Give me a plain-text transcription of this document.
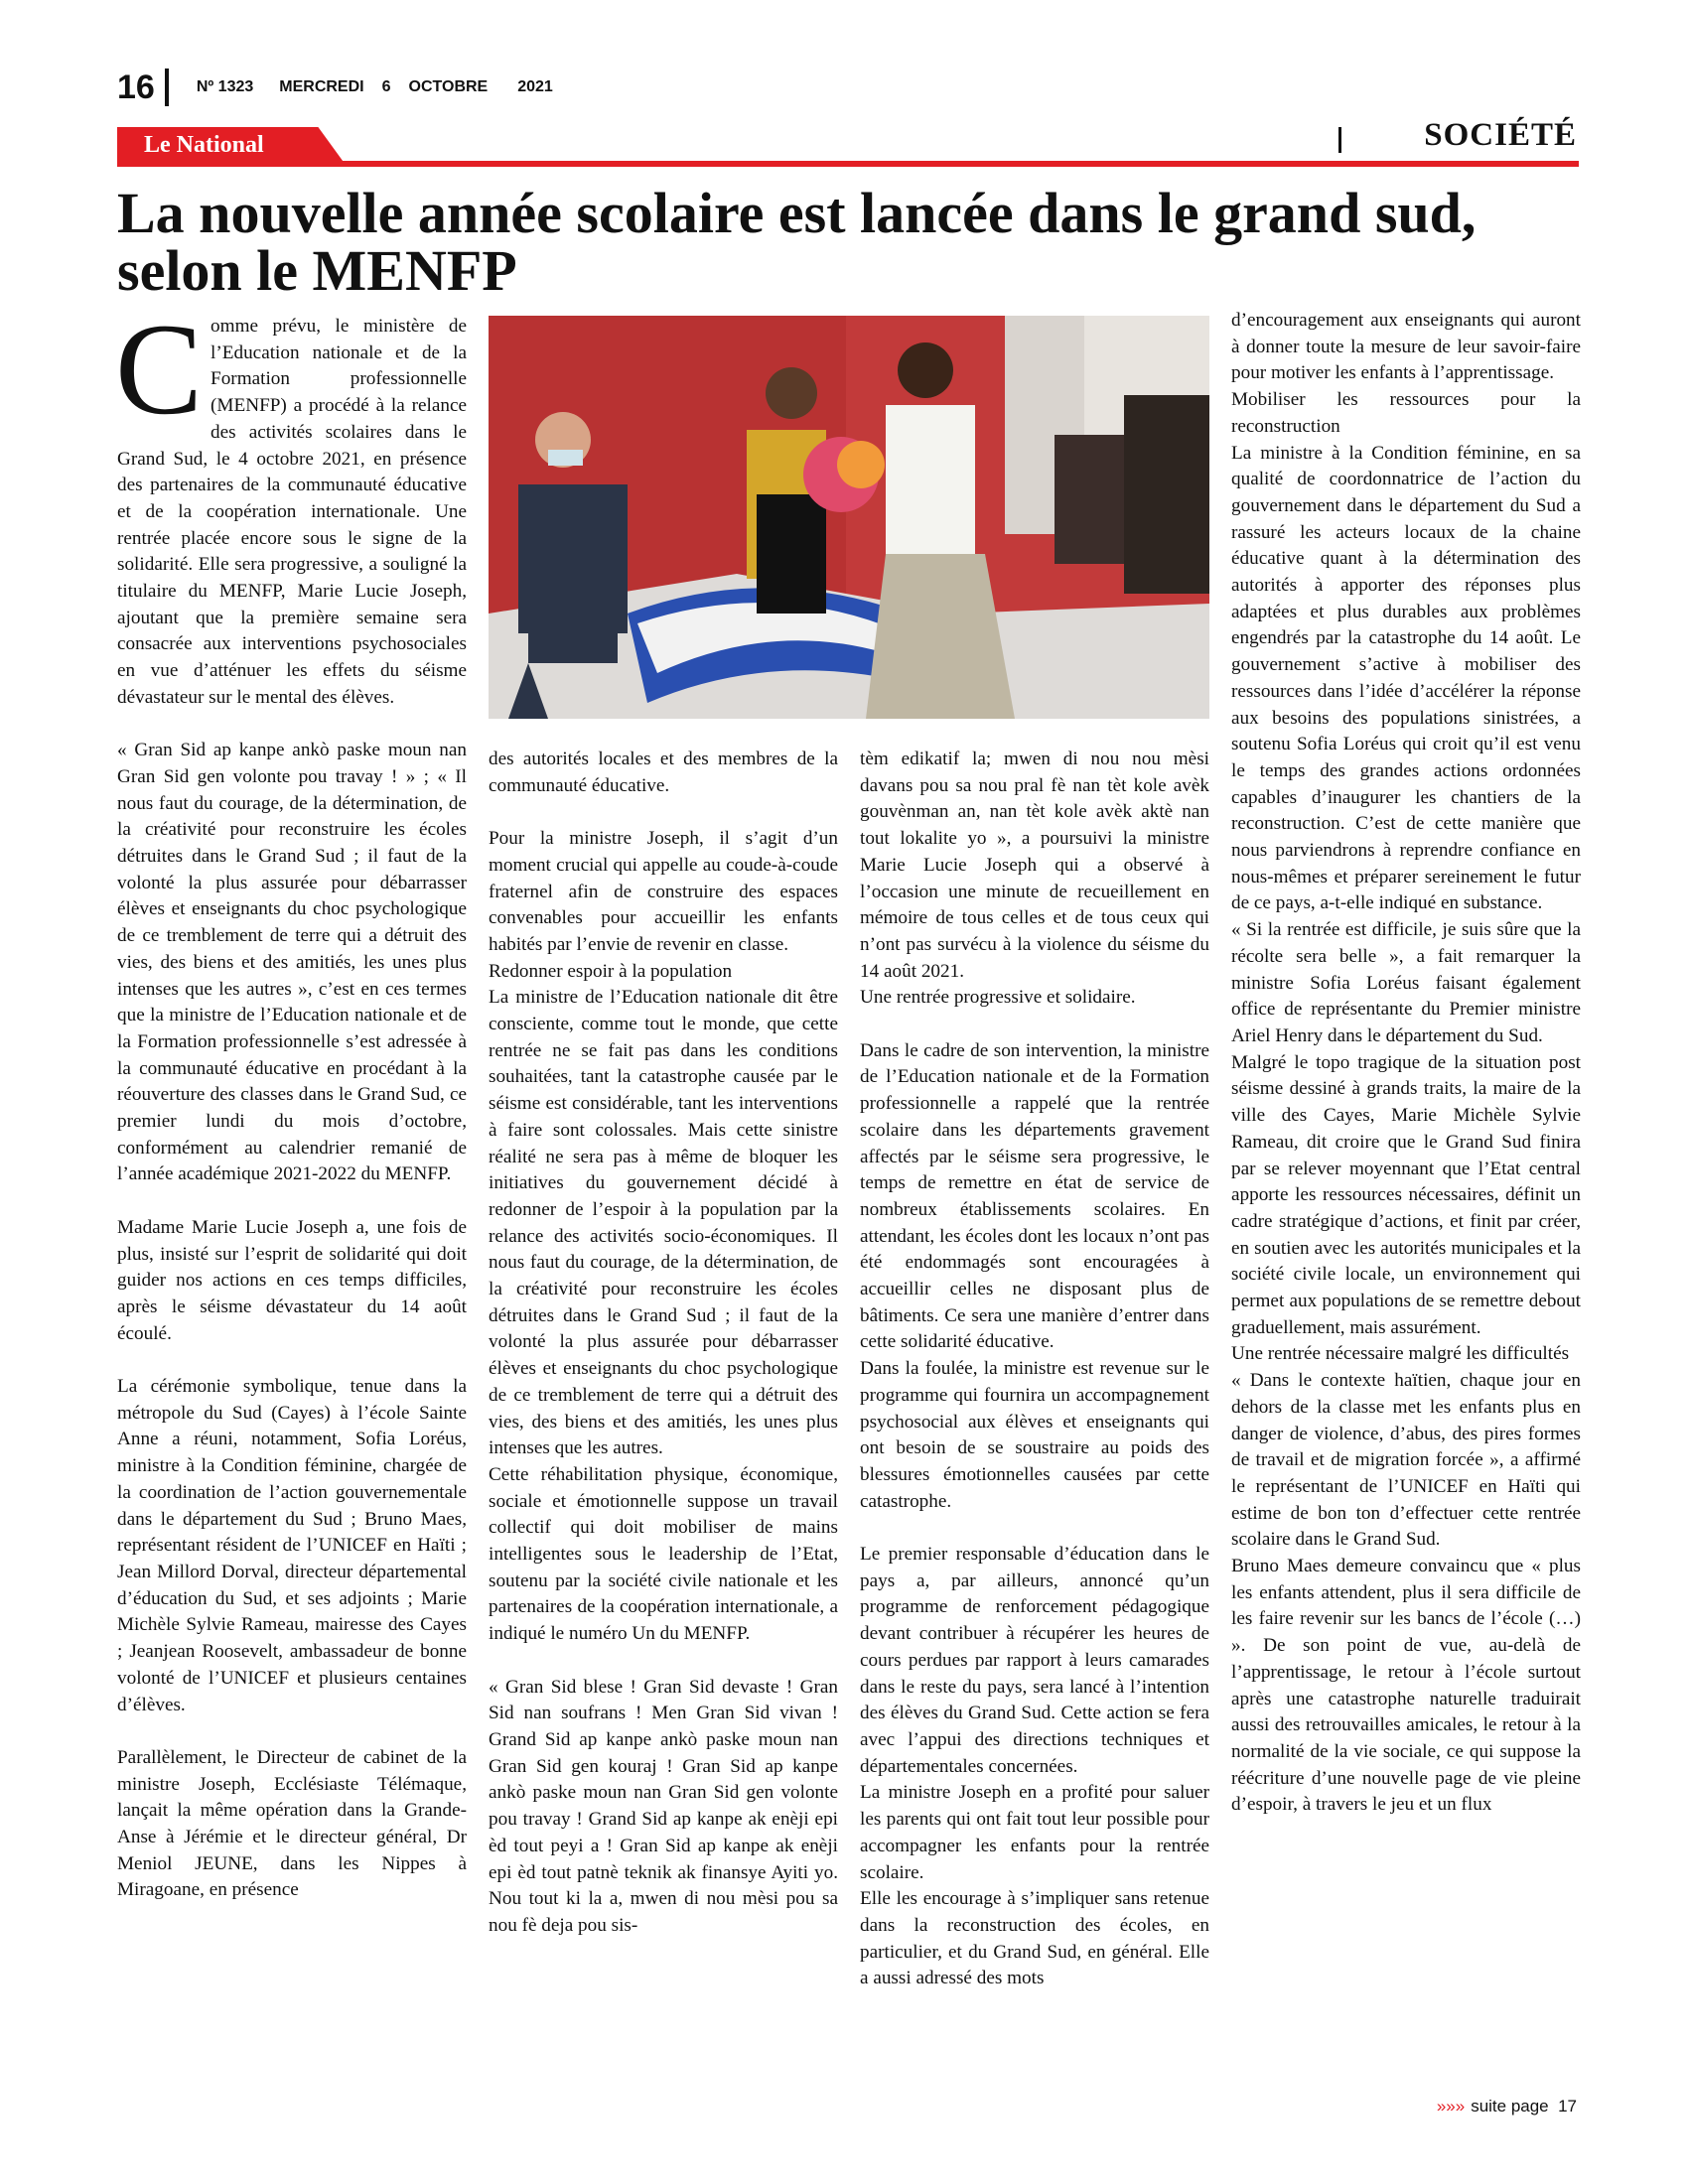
16	Nº 1323 MERCREDI 6 OCTOBRE 2021
Le National	SOCIÉTÉ
La nouvelle année scolaire est lancée dans le grand sud, selon le MENFP

Comme prévu, le ministère de l’Education nationale et de la Formation professionnelle (MENFP) a procédé à la relance des activités scolaires dans le Grand Sud, le 4 octobre 2021, en présence des partenaires de la communauté éducative et de la coopération internationale. Une rentrée placée encore sous le signe de la solidarité. Elle sera progressive, a souligné la titulaire du MENFP, Marie Lucie Joseph, ajoutant que la première semaine sera consacrée aux interventions psychosociales en vue d’atténuer les effets du séisme dévastateur sur le mental des élèves.

« Gran Sid ap kanpe ankò paske moun nan Gran Sid gen volonte pou travay ! » ; « Il nous faut du courage, de la détermination, de la créativité pour reconstruire les écoles détruites dans le Grand Sud ; il faut de la volonté la plus assurée pour débarrasser élèves et enseignants du choc psychologique de ce tremblement de terre qui a détruit des vies, des biens et des amitiés, les unes plus intenses que les autres », c’est en ces termes que la ministre de l’Education nationale et de la Formation professionnelle s’est adressée à la communauté éducative en procédant à la réouverture des classes dans le Grand Sud, ce premier lundi du mois d’octobre, conformément au calendrier remanié de l’année académique 2021-2022 du MENFP.

Madame Marie Lucie Joseph a, une fois de plus, insisté sur l’esprit de solidarité qui doit guider nos actions en ces temps difficiles, après le séisme dévastateur du 14 août écoulé.

La cérémonie symbolique, tenue dans la métropole du Sud (Cayes) à l’école Sainte Anne a réuni, notamment, Sofia Loréus, ministre à la Condition féminine, chargée de la coordination de l’action gouvernementale dans le département du Sud ; Bruno Maes, représentant résident de l’UNICEF en Haïti ; Jean Millord Dorval, directeur départemental d’éducation du Sud, et ses adjoints ; Marie Michèle Sylvie Rameau, mairesse des Cayes ; Jeanjean Roosevelt, ambassadeur de bonne volonté de l’UNICEF et plusieurs centaines d’élèves.

Parallèlement, le Directeur de cabinet de la ministre Joseph, Ecclésiaste Télémaque, lançait la même opération dans la Grande-Anse à Jérémie et le directeur général, Dr Meniol JEUNE, dans les Nippes à Miragoane, en présence

des autorités locales et des membres de la communauté éducative.

Pour la ministre Joseph, il s’agit d’un moment crucial qui appelle au coude-à-coude fraternel afin de construire des espaces convenables pour accueillir les enfants habités par l’envie de revenir en classe.

Redonner espoir à la population

La ministre de l’Education nationale dit être consciente, comme tout le monde, que cette rentrée ne se fait pas dans les conditions souhaitées, tant la catastrophe causée par le séisme est considérable, tant les interventions à faire sont colossales. Mais cette sinistre réalité ne sera pas à même de bloquer les initiatives du gouvernement décidé à redonner de l’espoir à la population par la relance des activités socio-économiques. Il nous faut du courage, de la détermination, de la créativité pour reconstruire les écoles détruites dans le Grand Sud ; il faut de la volonté la plus assurée pour débarrasser élèves et enseignants du choc psychologique de ce tremblement de terre qui a détruit des vies, des biens et des amitiés, les unes plus intenses que les autres.

Cette réhabilitation physique, économique, sociale et émotionnelle suppose un travail collectif qui doit mobiliser de mains intelligentes sous le leadership de l’Etat, soutenu par la société civile nationale et les partenaires de la coopération internationale, a indiqué le numéro Un du MENFP.

« Gran Sid blese ! Gran Sid devaste ! Gran Sid nan soufrans ! Men Gran Sid vivan ! Grand Sid ap kanpe ankò paske moun nan Gran Sid gen kouraj ! Gran Sid ap kanpe ankò paske moun nan Gran Sid gen volonte pou travay ! Grand Sid ap kanpe ak enèji epi èd tout peyi a ! Gran Sid ap kanpe ak enèji epi èd tout patnè teknik ak finansye Ayiti yo. Nou tout ki la a, mwen di nou mèsi pou sa nou fè deja pou sis-

tèm edikatif la; mwen di nou nou mèsi davans pou sa nou pral fè nan tèt kole avèk gouvènman an, nan tèt kole avèk aktè nan tout lokalite yo », a poursuivi la ministre Marie Lucie Joseph qui a observé à l’occasion une minute de recueillement en mémoire de tous celles et de tous ceux qui n’ont pas survécu à la violence du séisme du 14 août 2021.

Une rentrée progressive et solidaire.

Dans le cadre de son intervention, la ministre de l’Education nationale et de la Formation professionnelle a rappelé que la rentrée scolaire dans les départements gravement affectés par le séisme sera progressive, le temps de remettre en état de service de nombreux établissements scolaires. En attendant, les écoles dont les locaux n’ont pas été endommagés sont encouragées à accueillir celles ne disposant plus de bâtiments. Ce sera une manière d’entrer dans cette solidarité éducative.

Dans la foulée, la ministre est revenue sur le programme qui fournira un accompagnement psychosocial aux élèves et enseignants qui ont besoin de se soustraire au poids des blessures émotionnelles causées par cette catastrophe.

Le premier responsable d’éducation dans le pays a, par ailleurs, annoncé qu’un programme de renforcement pédagogique devant contribuer à récupérer les heures de cours perdues par rapport à leurs camarades dans le reste du pays, sera lancé à l’intention des élèves du Grand Sud. Cette action se fera avec l’appui des directions techniques et départementales concernées.

La ministre Joseph en a profité pour saluer les parents qui ont fait tout leur possible pour accompagner les enfants pour la rentrée scolaire.

Elle les encourage à s’impliquer sans retenue dans la reconstruction des écoles, en particulier, et du Grand Sud, en général. Elle a aussi adressé des mots

d’encouragement aux enseignants qui auront à donner toute la mesure de leur savoir-faire pour motiver les enfants à l’apprentissage.

Mobiliser les ressources pour la reconstruction

La ministre à la Condition féminine, en sa qualité de coordonnatrice de l’action du gouvernement dans le département du Sud a rassuré les acteurs locaux de la chaine éducative quant à la détermination des autorités à apporter des réponses plus adaptées et plus durables aux problèmes engendrés par la catastrophe du 14 août. Le gouvernement s’active à mobiliser des ressources dans l’idée d’accélérer la réponse aux besoins des populations sinistrées, a soutenu Sofia Loréus qui croit qu’il est venu le temps des grandes actions ordonnées capables d’inaugurer les chantiers de la reconstruction. C’est de cette manière que nous parviendrons à reprendre confiance en nous-mêmes et préparer sereinement le futur de ce pays, a-t-elle indiqué en substance.

« Si la rentrée est difficile, je suis sûre que la récolte sera belle », a fait remarquer la ministre Sofia Loréus faisant également office de représentante du Premier ministre Ariel Henry dans le département du Sud.

Malgré le topo tragique de la situation post séisme dessiné à grands traits, la maire de la ville des Cayes, Marie Michèle Sylvie Rameau, dit croire que le Grand Sud finira par se relever moyennant que l’Etat central apporte les ressources nécessaires, définit un cadre stratégique d’actions, et finit par créer, en soutien avec les autorités municipales et la société civile locale, un environnement qui permet aux populations de se remettre debout graduellement, mais assurément.

Une rentrée nécessaire malgré les difficultés

« Dans le contexte haïtien, chaque jour en dehors de la classe met les enfants plus en danger de violence, d’abus, des pires formes de travail et de migration forcée », a affirmé le représentant de l’UNICEF en Haïti qui estime de bon ton d’effectuer cette rentrée scolaire dans le Grand Sud.

Bruno Maes demeure convaincu que « plus les enfants attendent, plus il sera difficile de les faire revenir sur les bancs de l’école (…) ». De son point de vue, au-delà de l’apprentissage, le retour à l’école surtout après une catastrophe naturelle traduirait aussi des retrouvailles amicales, le retour à la normalité de la vie sociale, ce qui suppose la réécriture d’une nouvelle page de vie pleine d’espoir, à travers le jeu et un flux

»»» suite page  17
